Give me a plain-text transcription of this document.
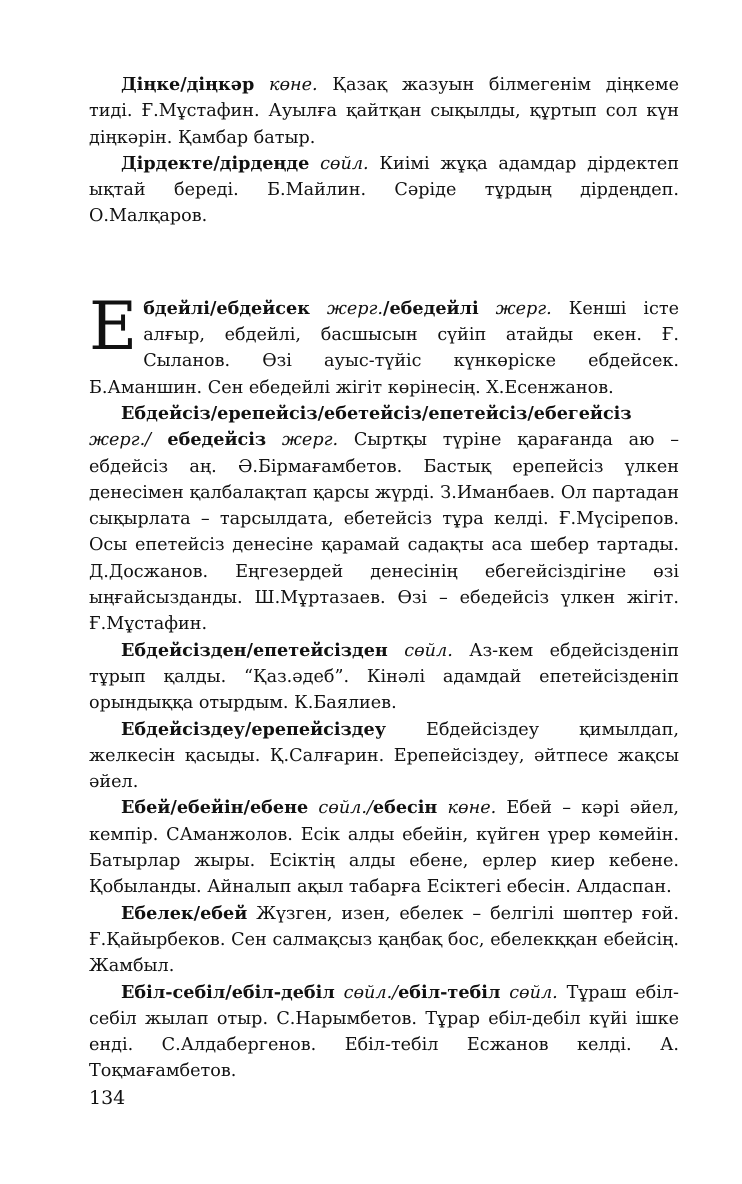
Дiңке/дiңкәр көне. Қазақ жазуын бiлмегенiм дiңкеме тидi. Ғ.Мұстафин. Ауылға қайтқан сықылды, құртып сол күн дiңкәрiн. Қамбар батыр.

Дiрдекте/дiрдеңде сөйл. Киiмi жұқа адамдар дiрдектеп ықтай бередi. Б.Майлин. Сәрiде тұрдың дiрдеңдеп. О.Малқаров.

Ебдейлi/ебдейсек жерг./ебедейлi жерг. Кеншi iсте алғыр, ебдейлi, басшысын сүйiп атайды екен. Ғ. Сыланов. Өзi ауыс-түйiс күнкөрiске ебдейсек. Б.Аманшин. Сен ебедейлi жiгiт көрiнесiң. Х.Есенжанов.

Ебдейсiз/ерепейсiз/ебетейсiз/епетейсiз/ебегейсiз жерг./ ебедейсiз жерг. Сыртқы түрiне қарағанда аю – ебдейсiз аң. Ә.Бiрмағамбетов. Бастық ерепейсiз үлкен денесiмен қалбалақтап қарсы жүрдi. З.Иманбаев. Ол партадан сықырлата – тарсылдата, ебетейсiз тұра келдi. Ғ.Мүсiрепов. Осы епетейсiз денесiне қарамай садақты аса шебер тартады. Д.Досжанов. Еңгезердей денесiнiң ебегейсiздiгiне өзi ыңғайсызданды. Ш.Мұртазаев. Өзi – ебедейсiз үлкен жiгiт. Ғ.Мұстафин.

Ебдейсiзден/епетейсiзден сөйл. Аз-кем ебдейсiзденiп тұрып қалды. “Қаз.әдеб”. Кiнәлi адамдай епетейсiзденiп орындыққа отырдым. К.Баялиев.

Ебдейсiздеу/ерепейсiздеу Ебдейсiздеу қимылдап, желкесiн қасыды. Қ.Салғарин. Ерепейсiздеу, әйтпесе жақсы әйел.

Ебей/ебейiн/ебене сөйл./ебесiн көне. Ебей – кәрi әйел, кемпiр. САманжолов. Есiк алды ебейiн, күйген үрер көмейiн. Батырлар жыры. Есiктiң алды ебене, ерлер киер кебене. Қобыланды. Айналып ақыл табарға Есiктегi ебесiн. Алдаспан.

Ебелек/ебей Жүзген, изен, ебелек – белгiлi шөптер ғой. Ғ.Қайырбеков. Сен салмақсыз қаңбақ бос, ебелекққан ебейсiң. Жамбыл.

Ебiл-себiл/ебiл-дебiл сөйл./ебiл-тебiл сөйл. Тұраш ебiл-себiл жылап отыр. С.Нарымбетов. Тұрар ебiл-дебiл күйi iшке ендi. С.Алдабергенов. Ебiл-тебiл Есжанов келдi. А. Тоқмағамбетов.

134
